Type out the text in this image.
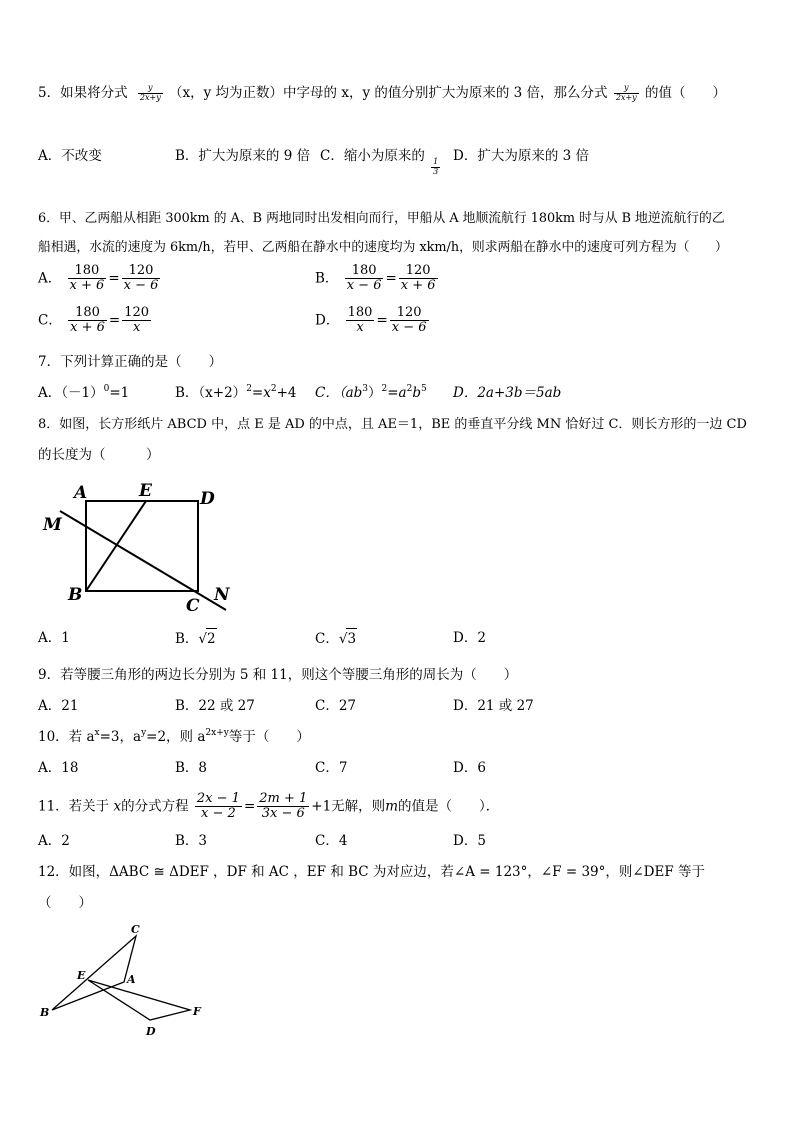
5．如果将分式 $\frac{y}{2x+y} (x$，y 均为正数）中字母的 x，y 的值分别扩大为原来的 3 倍，那么分式 $\frac{y}{2x+y}$ 的值（　　）
A．不改变	B．扩大为原来的 9 倍 C．缩小为原来的
$\frac{1}{3}$
D．扩大为原来的 3 倍
6．甲、乙两船从相距 300km 的 A、B 两地同时出发相向而行，甲船从 A 地顺流航行 180km 时与从 B 地逆流航行的乙
船相遇，水流的速度为 6km/h，若甲、乙两船在静水中的速度均为 xkm/h，则求两船在静水中的速度可列方程为（　　）
A． $\frac{180}{x + 6} = \frac{120}{x - 6}$	B． $\frac{180}{x - 6} = \frac{120}{x + 6}$
C． $\frac{180}{x + 6} = \frac{120}{x}$	D． $\frac{180}{x} = \frac{120}{x - 6}$
7．下列计算正确的是（　　）
A．$(-1)^0=1$	B．$(x+2)^2=x^2+4$ C．$(ab^3)^2=a^2b^5$ D．2a+3b＝5ab
8．如图，长方形纸片 ABCD 中，点 E 是 AD 的中点，且 AE＝1，BE 的垂直平分线 MN 恰好过 C．则长方形的一边 CD
的长度为（　　　）
A	E	D
M
B
C
N
A．1	B．√2	C．√3	D．2
9．若等腰三角形的两边长分别为 5 和 11，则这个等腰三角形的周长为（　　）
A．21	B．22 或 27	C．27	D．21 或 27
10．若 $a^x=3$，$a^y=2$，则 $a^{2x+y}$等于（　　）
A．18	B．8	C．7	D．6
11．若关于 x的分式方程 $\frac{2x - 1}{x - 2} = \frac{2m + 1}{3x - 6} +1$无解，则m的值是（　　）．
A．2	B．3	C．4	D．5
12．如图，ΔABC ≅ ΔDEF ，DF 和 AC ，EF 和 BC 为对应边，若∠A = 123°，∠F = 39°，则∠DEF 等于
（　　）
C
A
E
B	F
D
